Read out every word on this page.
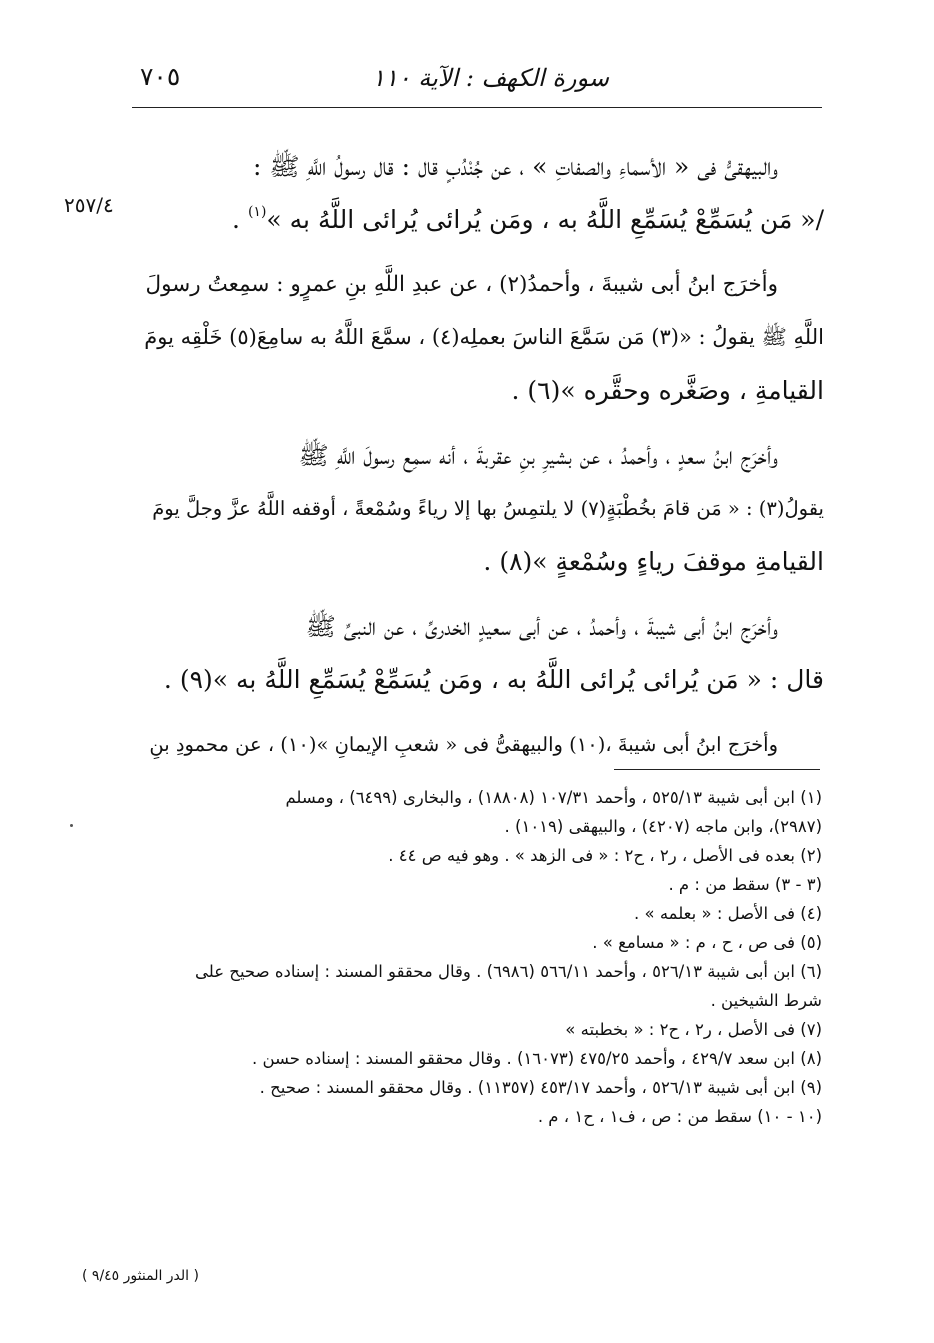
٧٠٥	سورة الكهف : الآية ١١٠
٢٥٧/٤
والبيهقىُّ فى « الأسماءِ والصفاتِ » ، عن جُنْدُبٍ قال : قال رسولُ اللَّهِ ﷺ :
/« مَن يُسَمِّعْ يُسَمِّعِ اللَّهُ به ، ومَن يُرائى يُرائى اللَّهُ به »$^{(١)}$ .
وأخرَج ابنُ أبى شيبةَ ، وأحمدُ(٢) ، عن عبدِ اللَّهِ بنِ عمرٍو : سمِعتُ رسولَ
اللَّهِ ﷺ يقولُ : «(٣) مَن سَمَّعَ الناسَ بعملِه(٤) ، سمَّعَ اللَّهُ به سامِعَ(٥) خَلْقِه يومَ
القيامةِ ، وصَغَّره وحقَّره »(٦) .
وأخرَج ابنُ سعدٍ ، وأحمدُ ، عن بشيرِ بنِ عقربةَ ، أنه سمِع رسولَ اللَّهِ ﷺ
يقولُ(٣) : « مَن قامَ بخُطْبَةٍ(٧) لا يلتمِسُ بها إلا رياءً وسُمْعةً ، أوقفه اللَّهُ عزَّ وجلَّ يومَ
القيامةِ موقفَ رياءٍ وسُمْعةٍ »(٨) .
وأخرَج ابنُ أبى شيبةَ ، وأحمدُ ، عن أبى سعيدٍ الخدرىِّ ، عن النبىِّ ﷺ
قال : « مَن يُرائى يُرائى اللَّهُ به ، ومَن يُسَمِّعْ يُسَمِّعِ اللَّهُ به »(٩) .
وأخرَج ابنُ أبى شيبةَ ،(١٠) والبيهقىُّ فى « شعبِ الإيمانِ »(١٠) ، عن محمودِ بنِ

(١) ابن أبى شيبة ٥٢٥/١٣ ، وأحمد ١٠٧/٣١ (١٨٨٠٨) ، والبخارى (٦٤٩٩) ، ومسلم

(٢٩٨٧)، وابن ماجه (٤٢٠٧) ، والبيهقى (١٠١٩) .

(٢) بعده فى الأصل ، ر٢ ، ح٢ : « فى الزهد » . وهو فيه ص ٤٤ .

(٣ - ٣) سقط من : م .

(٤) فى الأصل : « بعلمه » .

(٥) فى ص ، ح ، م : « مسامع » .

(٦) ابن أبى شيبة ٥٢٦/١٣ ، وأحمد ٥٦٦/١١ (٦٩٨٦) . وقال محققو المسند : إسناده صحيح على

شرط الشيخين .

(٧) فى الأصل ، ر٢ ، ح٢ : « بخطبته »

(٨) ابن سعد ٤٢٩/٧ ، وأحمد ٤٧٥/٢٥ (١٦٠٧٣) . وقال محققو المسند : إسناده حسن .

(٩) ابن أبى شيبة ٥٢٦/١٣ ، وأحمد ٤٥٣/١٧ (١١٣٥٧) . وقال محققو المسند : صحيح .

(١٠ - ١٠) سقط من : ص ، ف١ ، ح١ ، م .

( الدر المنثور ٩/٤٥ )
